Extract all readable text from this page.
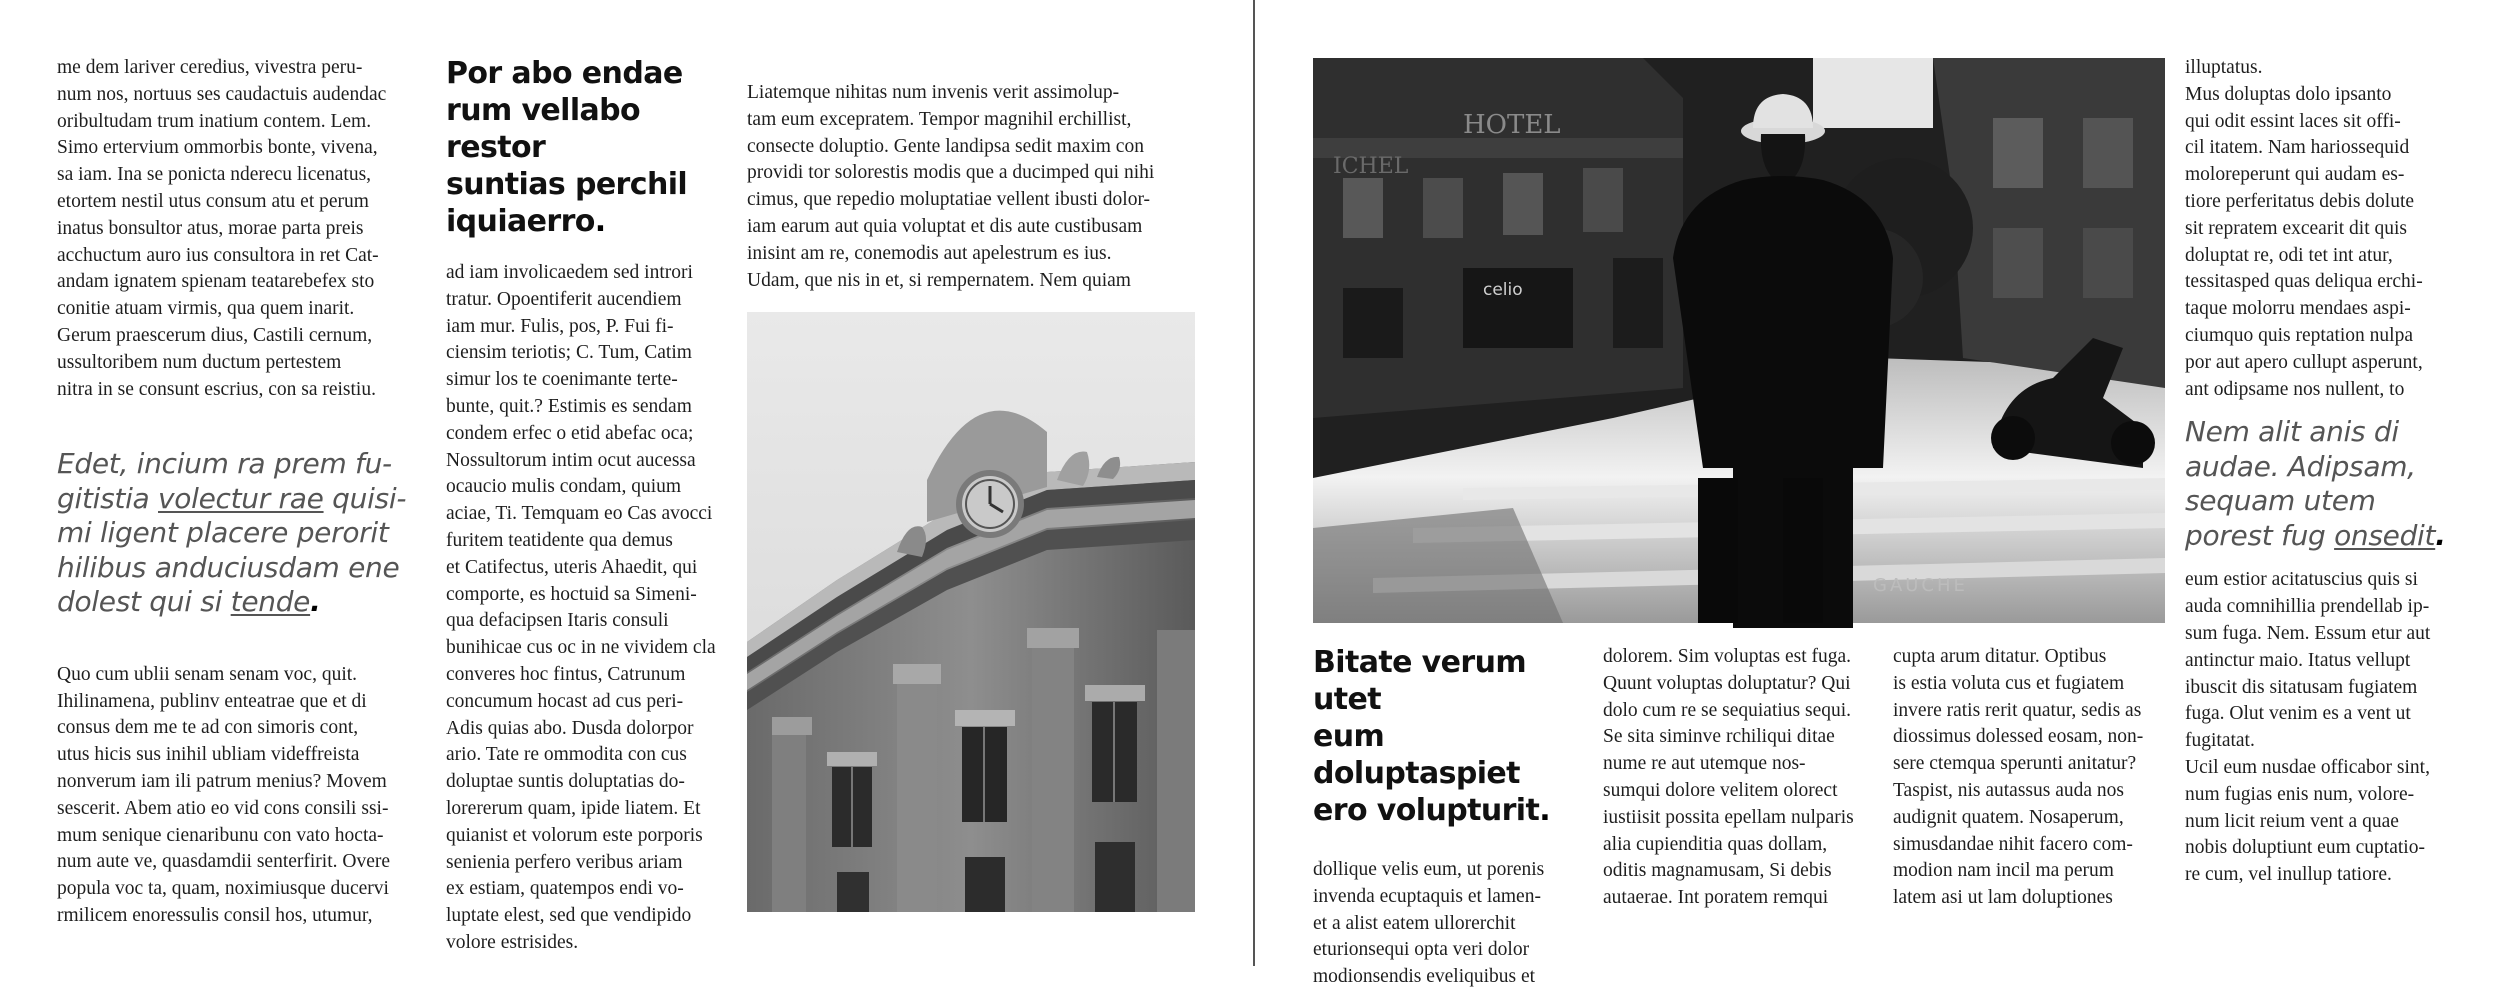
me dem lariver ceredius, vivestra peru-
num nos, nortuus ses caudactuis audendac
oribultudam trum inatium contem. Lem.
Simo ertervium ommorbis bonte, vivena,
sa iam. Ina se ponicta nderecu licenatus,
etortem nestil utus consum atu et perum
inatus bonsultor atus, morae parta preis
acchuctum auro ius consultora in ret Cat-
andam ignatem spienam teatarebefex sto
conitie atuam virmis, qua quem inarit.
Gerum praescerum dius, Castili cernum,
ussultoribem num ductum pertestem
nitra in se consunt escrius, con sa reistiu.

Edet, incium ra prem fu-
gitistia volectur rae quisi-
mi ligent placere perorit
hilibus anduciusdam ene
dolest qui si tende.

Quo cum ublii senam senam voc, quit.
Ihilinamena, publinv enteatrae que et di
consus dem me te ad con simoris cont,
utus hicis sus inihil ubliam videffreista
nonverum iam ili patrum menius? Movem
sescerit. Abem atio eo vid cons consili ssi-
mum senique cienaribunu con vato hocta-
num aute ve, quasdamdii senterfirit. Overe
popula voc ta, quam, noximiusque ducervi
rmilicem enoressulis consil hos, utumur,

Por abo endae
rum vellabo restor
suntias perchil
iquiaerro.

ad iam involicaedem sed introri
tratur. Opoentiferit aucendiem
iam mur. Fulis, pos, P. Fui fi-
ciensim teriotis; C. Tum, Catim
simur los te coenimante terte-
bunte, quit.? Estimis es sendam
condem erfec o etid abefac oca;
Nossultorum intim ocut aucessa
ocaucio mulis condam, quium
aciae, Ti. Temquam eo Cas avocci
furitem teatidente qua demus
et Catifectus, uteris Ahaedit, qui
comporte, es hoctuid sa Simeni-
qua defacipsen Itaris consuli
bunihicae cus oc in ne vividem cla
converes hoc fintus, Catrunum
concumum hocast ad cus peri-
Adis quias abo. Dusda dolorpor
ario. Tate re ommodita con cus
doluptae suntis doluptatias do-
lorererum quam, ipide liatem. Et
quianist et volorum este porporis
senienia perfero veribus ariam
ex estiam, quatempos endi vo-
luptate elest, sed que vendipido
volore estrisides.

Liatemque nihitas num invenis verit assimolup-
tam eum excepratem. Tempor magnihil erchillist,
consecte doluptio. Gente landipsa sedit maxim con
providi tor solorestis modis que a ducimped qui nihi
cimus, que repedio moluptatiae vellent ibusti dolor-
iam earum aut quia voluptat et dis aute custibusam
inisint am re, conemodis aut apelestrum es ius.
Udam, que nis in et, si rempernatem. Nem quiam

HOTEL
ICHEL
celio
GAUCHE
Bitate verum utet
eum doluptaspiet
ero volupturit.

dollique velis eum, ut porenis
invenda ecuptaquis et lamen-
et a alist eatem ullorerchit
eturionsequi opta veri dolor
modionsendis eveliquibus et

dolorem. Sim voluptas est fuga.
Quunt voluptas doluptatur? Qui
dolo cum re se sequiatius sequi.
Se sita siminve rchiliqui ditae
nume re aut utemque nos-
sumqui dolore velitem olorect
iustiisit possita epellam nulparis
alia cupienditia quas dollam,
oditis magnamusam, Si debis
autaerae. Int poratem remqui

cupta arum ditatur. Optibus
is estia voluta cus et fugiatem
invere ratis rerit quatur, sedis as
diossimus dolessed eosam, non-
sere ctemqua sperunti anitatur?
Taspist, nis autassus auda nos
audignit quatem. Nosaperum,
simusdandae nihit facero com-
modion nam incil ma perum
latem asi ut lam doluptiones

illuptatus.
Mus doluptas dolo ipsanto
qui odit essint laces sit offi-
cil itatem. Nam hariossequid
moloreperunt qui audam es-
tiore perferitatus debis dolute
sit repratem excearit dit quis
doluptat re, odi tet int atur,
tessitasped quas deliqua erchi-
taque molorru mendaes aspi-
ciumquo quis reptation nulpa
por aut apero cullupt asperunt,
ant odipsame nos nullent, to

Nem alit anis di
audae. Adipsam,
sequam utem
porest fug onsedit.

eum estior acitatuscius quis si
auda comnihillia prendellab ip-
sum fuga. Nem. Essum etur aut
antinctur maio. Itatus vellupt
ibuscit dis sitatusam fugiatem
fuga. Olut venim es a vent ut
fugitatat.
Ucil eum nusdae officabor sint,
num fugias enis num, volore-
num licit reium vent a quae
nobis doluptiunt eum cuptatio-
re cum, vel inullup tatiore.
